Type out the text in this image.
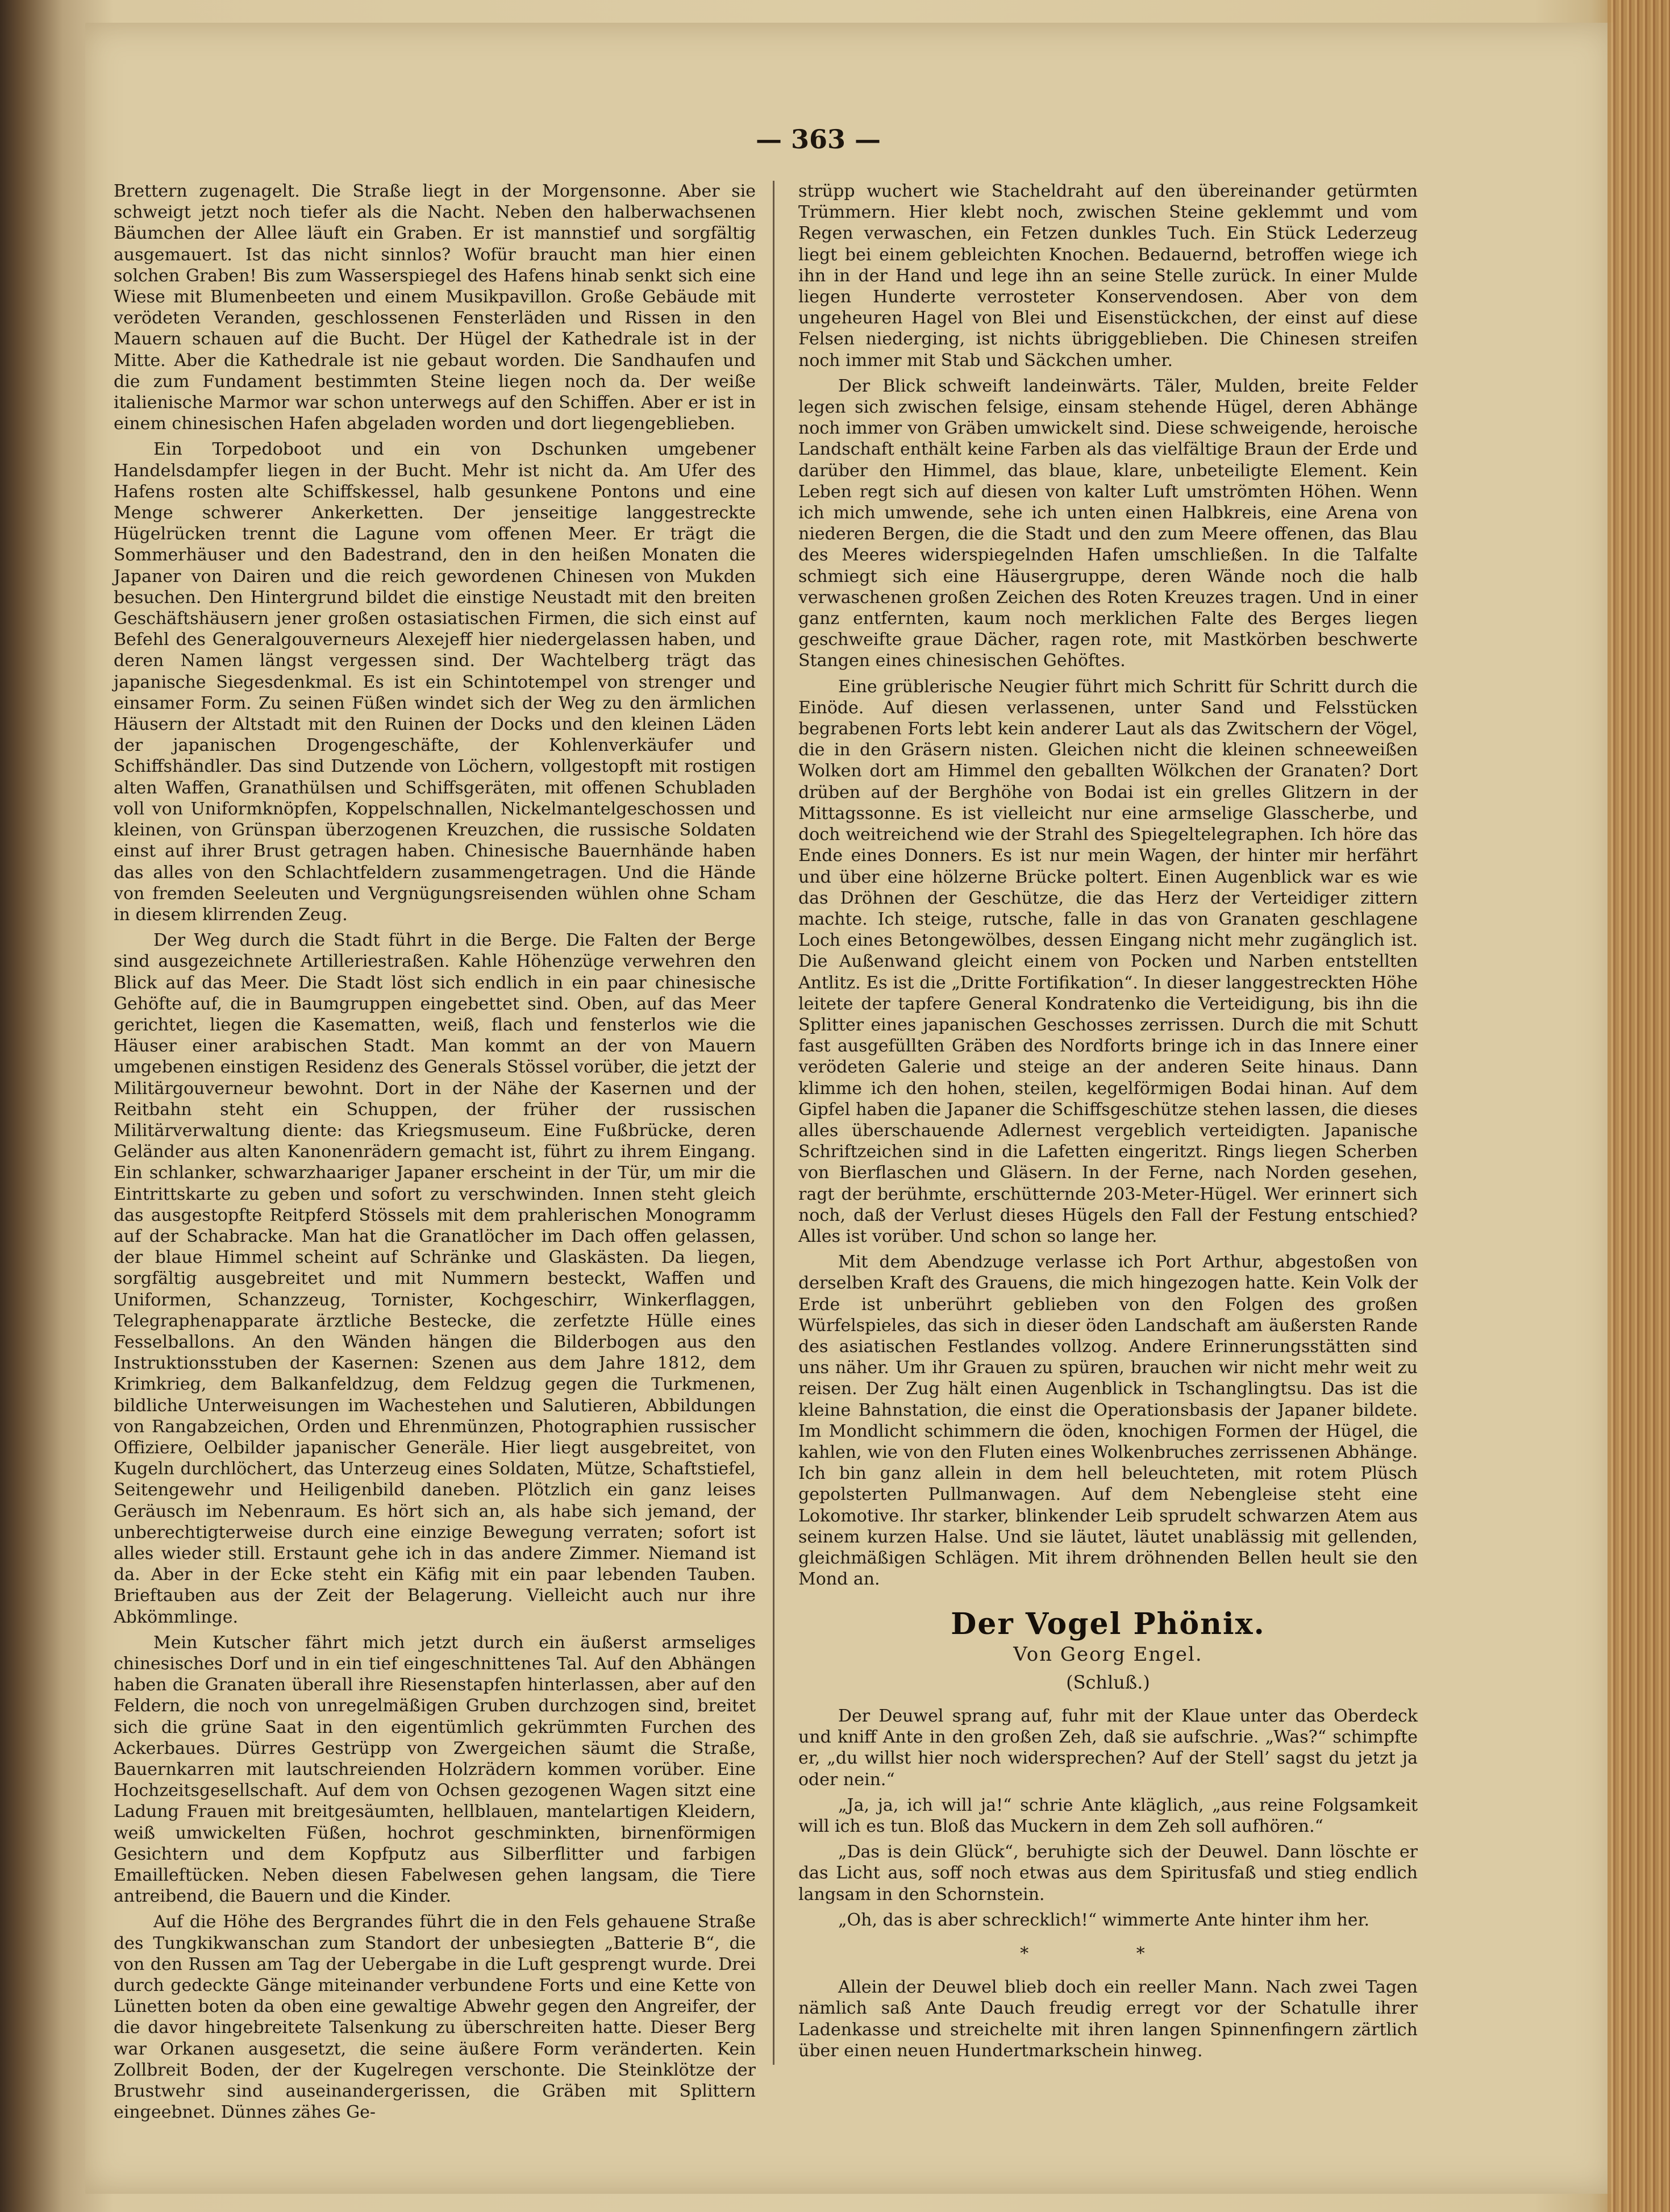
— 363 —

Brettern zugenagelt. Die Straße liegt in der Morgensonne. Aber sie schweigt jetzt noch tiefer als die Nacht. Neben den halberwachsenen Bäumchen der Allee läuft ein Graben. Er ist mannstief und sorgfältig ausgemauert. Ist das nicht sinnlos? Wofür braucht man hier einen solchen Graben! Bis zum Wasserspiegel des Hafens hinab senkt sich eine Wiese mit Blumenbeeten und einem Musikpavillon. Große Gebäude mit verödeten Veranden, geschlossenen Fensterläden und Rissen in den Mauern schauen auf die Bucht. Der Hügel der Kathedrale ist in der Mitte. Aber die Kathedrale ist nie gebaut worden. Die Sandhaufen und die zum Fundament bestimmten Steine liegen noch da. Der weiße italienische Marmor war schon unterwegs auf den Schiffen. Aber er ist in einem chinesischen Hafen abgeladen worden und dort liegengeblieben.

Ein Torpedoboot und ein von Dschunken umgebener Handelsdampfer liegen in der Bucht. Mehr ist nicht da. Am Ufer des Hafens rosten alte Schiffskessel, halb gesunkene Pontons und eine Menge schwerer Ankerketten. Der jenseitige langgestreckte Hügelrücken trennt die Lagune vom offenen Meer. Er trägt die Sommerhäuser und den Badestrand, den in den heißen Monaten die Japaner von Dairen und die reich gewordenen Chinesen von Mukden besuchen. Den Hintergrund bildet die einstige Neustadt mit den breiten Geschäftshäusern jener großen ostasiatischen Firmen, die sich einst auf Befehl des Generalgouverneurs Alexejeff hier niedergelassen haben, und deren Namen längst vergessen sind. Der Wachtelberg trägt das japanische Siegesdenkmal. Es ist ein Schintotempel von strenger und einsamer Form. Zu seinen Füßen windet sich der Weg zu den ärmlichen Häusern der Altstadt mit den Ruinen der Docks und den kleinen Läden der japanischen Drogengeschäfte, der Kohlenverkäufer und Schiffshändler. Das sind Dutzende von Löchern, vollgestopft mit rostigen alten Waffen, Granathülsen und Schiffsgeräten, mit offenen Schubladen voll von Uniformknöpfen, Koppelschnallen, Nickelmantelgeschossen und kleinen, von Grünspan überzogenen Kreuzchen, die russische Soldaten einst auf ihrer Brust getragen haben. Chinesische Bauernhände haben das alles von den Schlachtfeldern zusammengetragen. Und die Hände von fremden Seeleuten und Vergnügungsreisenden wühlen ohne Scham in diesem klirrenden Zeug.

Der Weg durch die Stadt führt in die Berge. Die Falten der Berge sind ausgezeichnete Artilleriestraßen. Kahle Höhenzüge verwehren den Blick auf das Meer. Die Stadt löst sich endlich in ein paar chinesische Gehöfte auf, die in Baumgruppen eingebettet sind. Oben, auf das Meer gerichtet, liegen die Kasematten, weiß, flach und fensterlos wie die Häuser einer arabischen Stadt. Man kommt an der von Mauern umgebenen einstigen Residenz des Generals Stössel vorüber, die jetzt der Militärgouverneur bewohnt. Dort in der Nähe der Kasernen und der Reitbahn steht ein Schuppen, der früher der russischen Militärverwaltung diente: das Kriegsmuseum. Eine Fußbrücke, deren Geländer aus alten Kanonenrädern gemacht ist, führt zu ihrem Eingang. Ein schlanker, schwarzhaariger Japaner erscheint in der Tür, um mir die Eintrittskarte zu geben und sofort zu verschwinden. Innen steht gleich das ausgestopfte Reitpferd Stössels mit dem prahlerischen Monogramm auf der Schabracke. Man hat die Granatlöcher im Dach offen gelassen, der blaue Himmel scheint auf Schränke und Glaskästen. Da liegen, sorgfältig ausgebreitet und mit Nummern besteckt, Waffen und Uniformen, Schanzzeug, Tornister, Kochgeschirr, Winkerflaggen, Telegraphenapparate ärztliche Bestecke, die zerfetzte Hülle eines Fesselballons. An den Wänden hängen die Bilderbogen aus den Instruktionsstuben der Kasernen: Szenen aus dem Jahre 1812, dem Krimkrieg, dem Balkanfeldzug, dem Feldzug gegen die Turkmenen, bildliche Unterweisungen im Wachestehen und Salutieren, Abbildungen von Rangabzeichen, Orden und Ehrenmünzen, Photographien russischer Offiziere, Oelbilder japanischer Generäle. Hier liegt ausgebreitet, von Kugeln durchlöchert, das Unterzeug eines Soldaten, Mütze, Schaftstiefel, Seitengewehr und Heiligenbild daneben. Plötzlich ein ganz leises Geräusch im Nebenraum. Es hört sich an, als habe sich jemand, der unberechtigterweise durch eine einzige Bewegung verraten; sofort ist alles wieder still. Erstaunt gehe ich in das andere Zimmer. Niemand ist da. Aber in der Ecke steht ein Käfig mit ein paar lebenden Tauben. Brieftauben aus der Zeit der Belagerung. Vielleicht auch nur ihre Abkömmlinge.

Mein Kutscher fährt mich jetzt durch ein äußerst armseliges chinesisches Dorf und in ein tief eingeschnittenes Tal. Auf den Abhängen haben die Granaten überall ihre Riesenstapfen hinterlassen, aber auf den Feldern, die noch von unregelmäßigen Gruben durchzogen sind, breitet sich die grüne Saat in den eigentümlich gekrümmten Furchen des Ackerbaues. Dürres Gestrüpp von Zwergeichen säumt die Straße, Bauernkarren mit lautschreienden Holzrädern kommen vorüber. Eine Hochzeitsgesellschaft. Auf dem von Ochsen gezogenen Wagen sitzt eine Ladung Frauen mit breitgesäumten, hellblauen, mantelartigen Kleidern, weiß umwickelten Füßen, hochrot geschminkten, birnenförmigen Gesichtern und dem Kopfputz aus Silberflitter und farbigen Emailleftücken. Neben diesen Fabelwesen gehen langsam, die Tiere antreibend, die Bauern und die Kinder.

Auf die Höhe des Bergrandes führt die in den Fels gehauene Straße des Tungkikwanschan zum Standort der unbesiegten „Batterie B“, die von den Russen am Tag der Uebergabe in die Luft gesprengt wurde. Drei durch gedeckte Gänge miteinander verbundene Forts und eine Kette von Lünetten boten da oben eine gewaltige Abwehr gegen den Angreifer, der die davor hingebreitete Talsenkung zu überschreiten hatte. Dieser Berg war Orkanen ausgesetzt, die seine äußere Form veränderten. Kein Zollbreit Boden, der der Kugelregen verschonte. Die Steinklötze der Brustwehr sind auseinandergerissen, die Gräben mit Splittern eingeebnet. Dünnes zähes Ge-

strüpp wuchert wie Stacheldraht auf den übereinander getürmten Trümmern. Hier klebt noch, zwischen Steine geklemmt und vom Regen verwaschen, ein Fetzen dunkles Tuch. Ein Stück Lederzeug liegt bei einem gebleichten Knochen. Bedauernd, betroffen wiege ich ihn in der Hand und lege ihn an seine Stelle zurück. In einer Mulde liegen Hunderte verrosteter Konservendosen. Aber von dem ungeheuren Hagel von Blei und Eisenstückchen, der einst auf diese Felsen niederging, ist nichts übriggeblieben. Die Chinesen streifen noch immer mit Stab und Säckchen umher.

Der Blick schweift landeinwärts. Täler, Mulden, breite Felder legen sich zwischen felsige, einsam stehende Hügel, deren Abhänge noch immer von Gräben umwickelt sind. Diese schweigende, heroische Landschaft enthält keine Farben als das vielfältige Braun der Erde und darüber den Himmel, das blaue, klare, unbeteiligte Element. Kein Leben regt sich auf diesen von kalter Luft umströmten Höhen. Wenn ich mich umwende, sehe ich unten einen Halbkreis, eine Arena von niederen Bergen, die die Stadt und den zum Meere offenen, das Blau des Meeres widerspiegelnden Hafen umschließen. In die Talfalte schmiegt sich eine Häusergruppe, deren Wände noch die halb verwaschenen großen Zeichen des Roten Kreuzes tragen. Und in einer ganz entfernten, kaum noch merklichen Falte des Berges liegen geschweifte graue Dächer, ragen rote, mit Mastkörben beschwerte Stangen eines chinesischen Gehöftes.

Eine grüblerische Neugier führt mich Schritt für Schritt durch die Einöde. Auf diesen verlassenen, unter Sand und Felsstücken begrabenen Forts lebt kein anderer Laut als das Zwitschern der Vögel, die in den Gräsern nisten. Gleichen nicht die kleinen schneeweißen Wolken dort am Himmel den geballten Wölkchen der Granaten? Dort drüben auf der Berghöhe von Bodai ist ein grelles Glitzern in der Mittagssonne. Es ist vielleicht nur eine armselige Glasscherbe, und doch weitreichend wie der Strahl des Spiegeltelegraphen. Ich höre das Ende eines Donners. Es ist nur mein Wagen, der hinter mir herfährt und über eine hölzerne Brücke poltert. Einen Augenblick war es wie das Dröhnen der Geschütze, die das Herz der Verteidiger zittern machte. Ich steige, rutsche, falle in das von Granaten geschlagene Loch eines Betongewölbes, dessen Eingang nicht mehr zugänglich ist. Die Außenwand gleicht einem von Pocken und Narben entstellten Antlitz. Es ist die „Dritte Fortifikation“. In dieser langgestreckten Höhe leitete der tapfere General Kondratenko die Verteidigung, bis ihn die Splitter eines japanischen Geschosses zerrissen. Durch die mit Schutt fast ausgefüllten Gräben des Nordforts bringe ich in das Innere einer verödeten Galerie und steige an der anderen Seite hinaus. Dann klimme ich den hohen, steilen, kegelförmigen Bodai hinan. Auf dem Gipfel haben die Japaner die Schiffsgeschütze stehen lassen, die dieses alles überschauende Adlernest vergeblich verteidigten. Japanische Schriftzeichen sind in die Lafetten eingeritzt. Rings liegen Scherben von Bierflaschen und Gläsern. In der Ferne, nach Norden gesehen, ragt der berühmte, erschütternde 203-Meter-Hügel. Wer erinnert sich noch, daß der Verlust dieses Hügels den Fall der Festung entschied? Alles ist vorüber. Und schon so lange her.

Mit dem Abendzuge verlasse ich Port Arthur, abgestoßen von derselben Kraft des Grauens, die mich hingezogen hatte. Kein Volk der Erde ist unberührt geblieben von den Folgen des großen Würfelspieles, das sich in dieser öden Landschaft am äußersten Rande des asiatischen Festlandes vollzog. Andere Erinnerungsstätten sind uns näher. Um ihr Grauen zu spüren, brauchen wir nicht mehr weit zu reisen. Der Zug hält einen Augenblick in Tschanglingtsu. Das ist die kleine Bahnstation, die einst die Operationsbasis der Japaner bildete. Im Mondlicht schimmern die öden, knochigen Formen der Hügel, die kahlen, wie von den Fluten eines Wolkenbruches zerrissenen Abhänge. Ich bin ganz allein in dem hell beleuchteten, mit rotem Plüsch gepolsterten Pullmanwagen. Auf dem Nebengleise steht eine Lokomotive. Ihr starker, blinkender Leib sprudelt schwarzen Atem aus seinem kurzen Halse. Und sie läutet, läutet unablässig mit gellenden, gleichmäßigen Schlägen. Mit ihrem dröhnenden Bellen heult sie den Mond an.

Der Vogel Phönix.
Von Georg Engel.
(Schluß.)

Der Deuwel sprang auf, fuhr mit der Klaue unter das Oberdeck und kniff Ante in den großen Zeh, daß sie aufschrie. „Was?“ schimpfte er, „du willst hier noch widersprechen? Auf der Stell’ sagst du jetzt ja oder nein.“

„Ja, ja, ich will ja!“ schrie Ante kläglich, „aus reine Folgsamkeit will ich es tun. Bloß das Muckern in dem Zeh soll aufhören.“

„Das is dein Glück“, beruhigte sich der Deuwel. Dann löschte er das Licht aus, soff noch etwas aus dem Spiritusfaß und stieg endlich langsam in den Schornstein.

„Oh, das is aber schrecklich!“ wimmerte Ante hinter ihm her.

* *

Allein der Deuwel blieb doch ein reeller Mann. Nach zwei Tagen nämlich saß Ante Dauch freudig erregt vor der Schatulle ihrer Ladenkasse und streichelte mit ihren langen Spinnenfingern zärtlich über einen neuen Hundertmarkschein hinweg.
